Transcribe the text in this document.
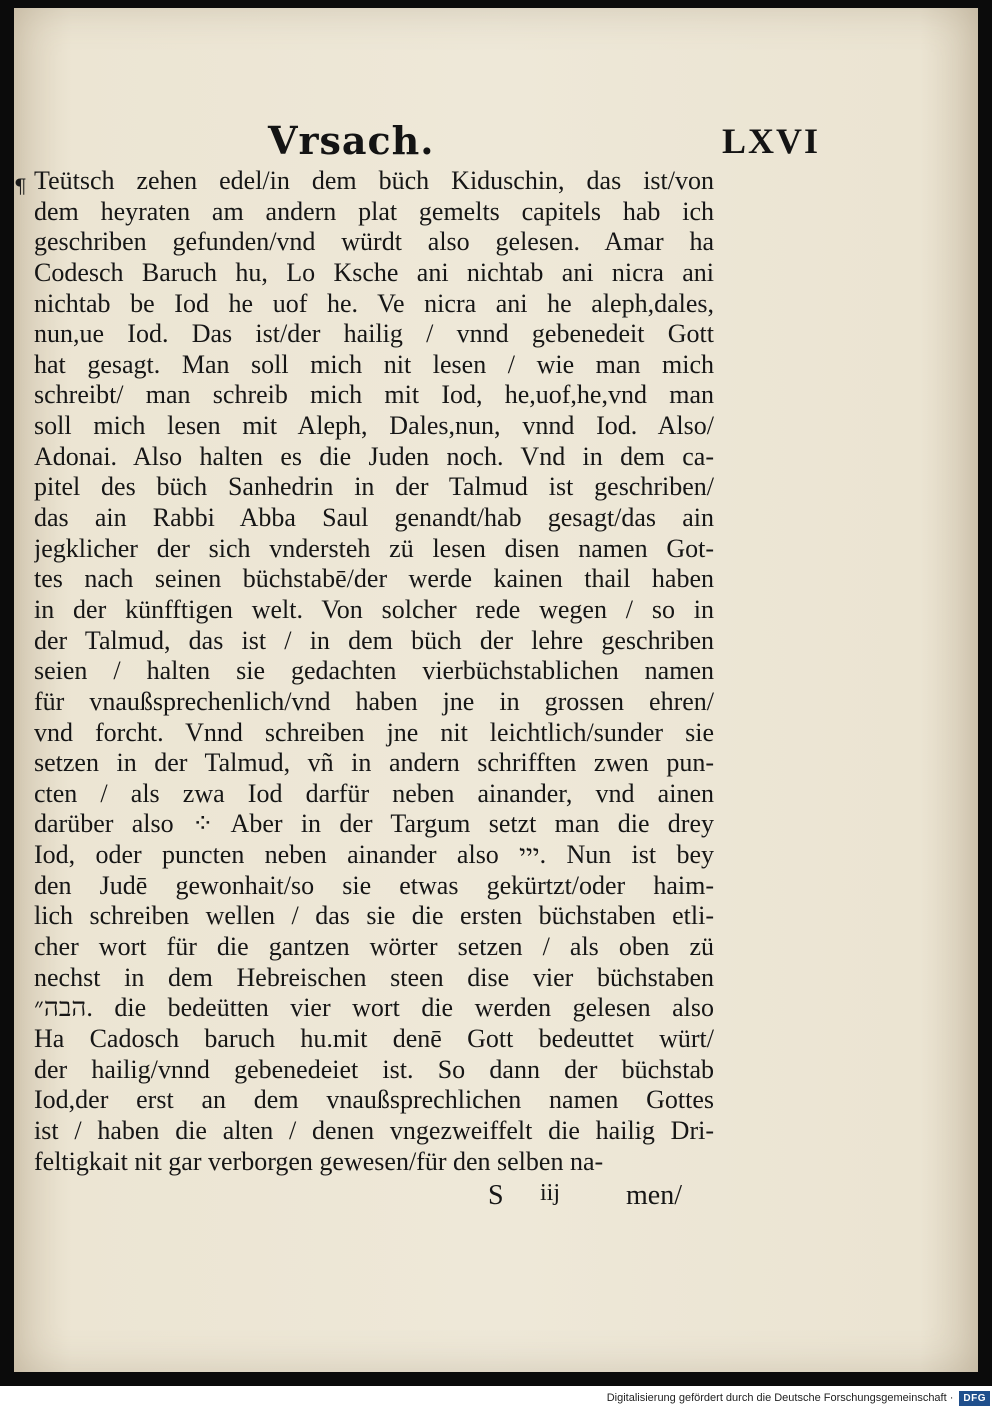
Vrsach.	LXVI
¶ Teütsch zehen edel/in dem büch Kiduschin, das ist/von
dem heyraten am andern plat gemelts capitels hab ich
geschriben gefunden/vnd würdt also gelesen. Amar ha
Codesch Baruch hu, Lo Ksche ani nichtab ani nicra ani
nichtab be Iod he uof he. Ve nicra ani he aleph,dales,
nun,ue Iod. Das ist/der hailig / vnnd gebenedeit Gott
hat gesagt. Man soll mich nit lesen / wie man mich
schreibt/ man schreib mich mit Iod, he,uof,he,vnd man
soll mich lesen mit Aleph, Dales,nun, vnnd Iod. Also/
Adonai. Also halten es die Juden noch. Vnd in dem ca-
pitel des büch Sanhedrin in der Talmud ist geschriben/
das ain Rabbi Abba Saul genandt/hab gesagt/das ain
jegklicher der sich vndersteh zü lesen disen namen Got-
tes nach seinen büchstabē/der werde kainen thail haben
in der künfftigen welt. Von solcher rede wegen / so in
der Talmud, das ist / in dem büch der lehre geschriben
seien / halten sie gedachten vierbüchstablichen namen
für vnaußsprechenlich/vnd haben jne in grossen ehren/
vnd forcht. Vnnd schreiben jne nit leichtlich/sunder sie
setzen in der Talmud, vñ in andern schrifften zwen pun-
cten / als zwa Iod darfür neben ainander, vnd ainen
darüber also ⁘ Aber in der Targum setzt man die drey
Iod, oder puncten neben ainander also ייי. Nun ist bey
den Judē gewonhait/so sie etwas gekürtzt/oder haim-
lich schreiben wellen / das sie die ersten büchstaben etli-
cher wort für die gantzen wörter setzen / als oben zü
nechst in dem Hebreischen steen dise vier büchstaben
הבה״. die bedeütten vier wort die werden gelesen also
Ha Cadosch baruch hu.mit denē Gott bedeuttet würt/
der hailig/vnnd gebenedeiet ist. So dann der büchstab
Iod,der erst an dem vnaußsprechlichen namen Gottes
ist / haben die alten / denen vngezweiffelt die hailig Dri-
feltigkait nit gar verborgen gewesen/für den selben na-
S iij men/
Digitalisierung gefördert durch die Deutsche Forschungsgemeinschaft ·	DFG
